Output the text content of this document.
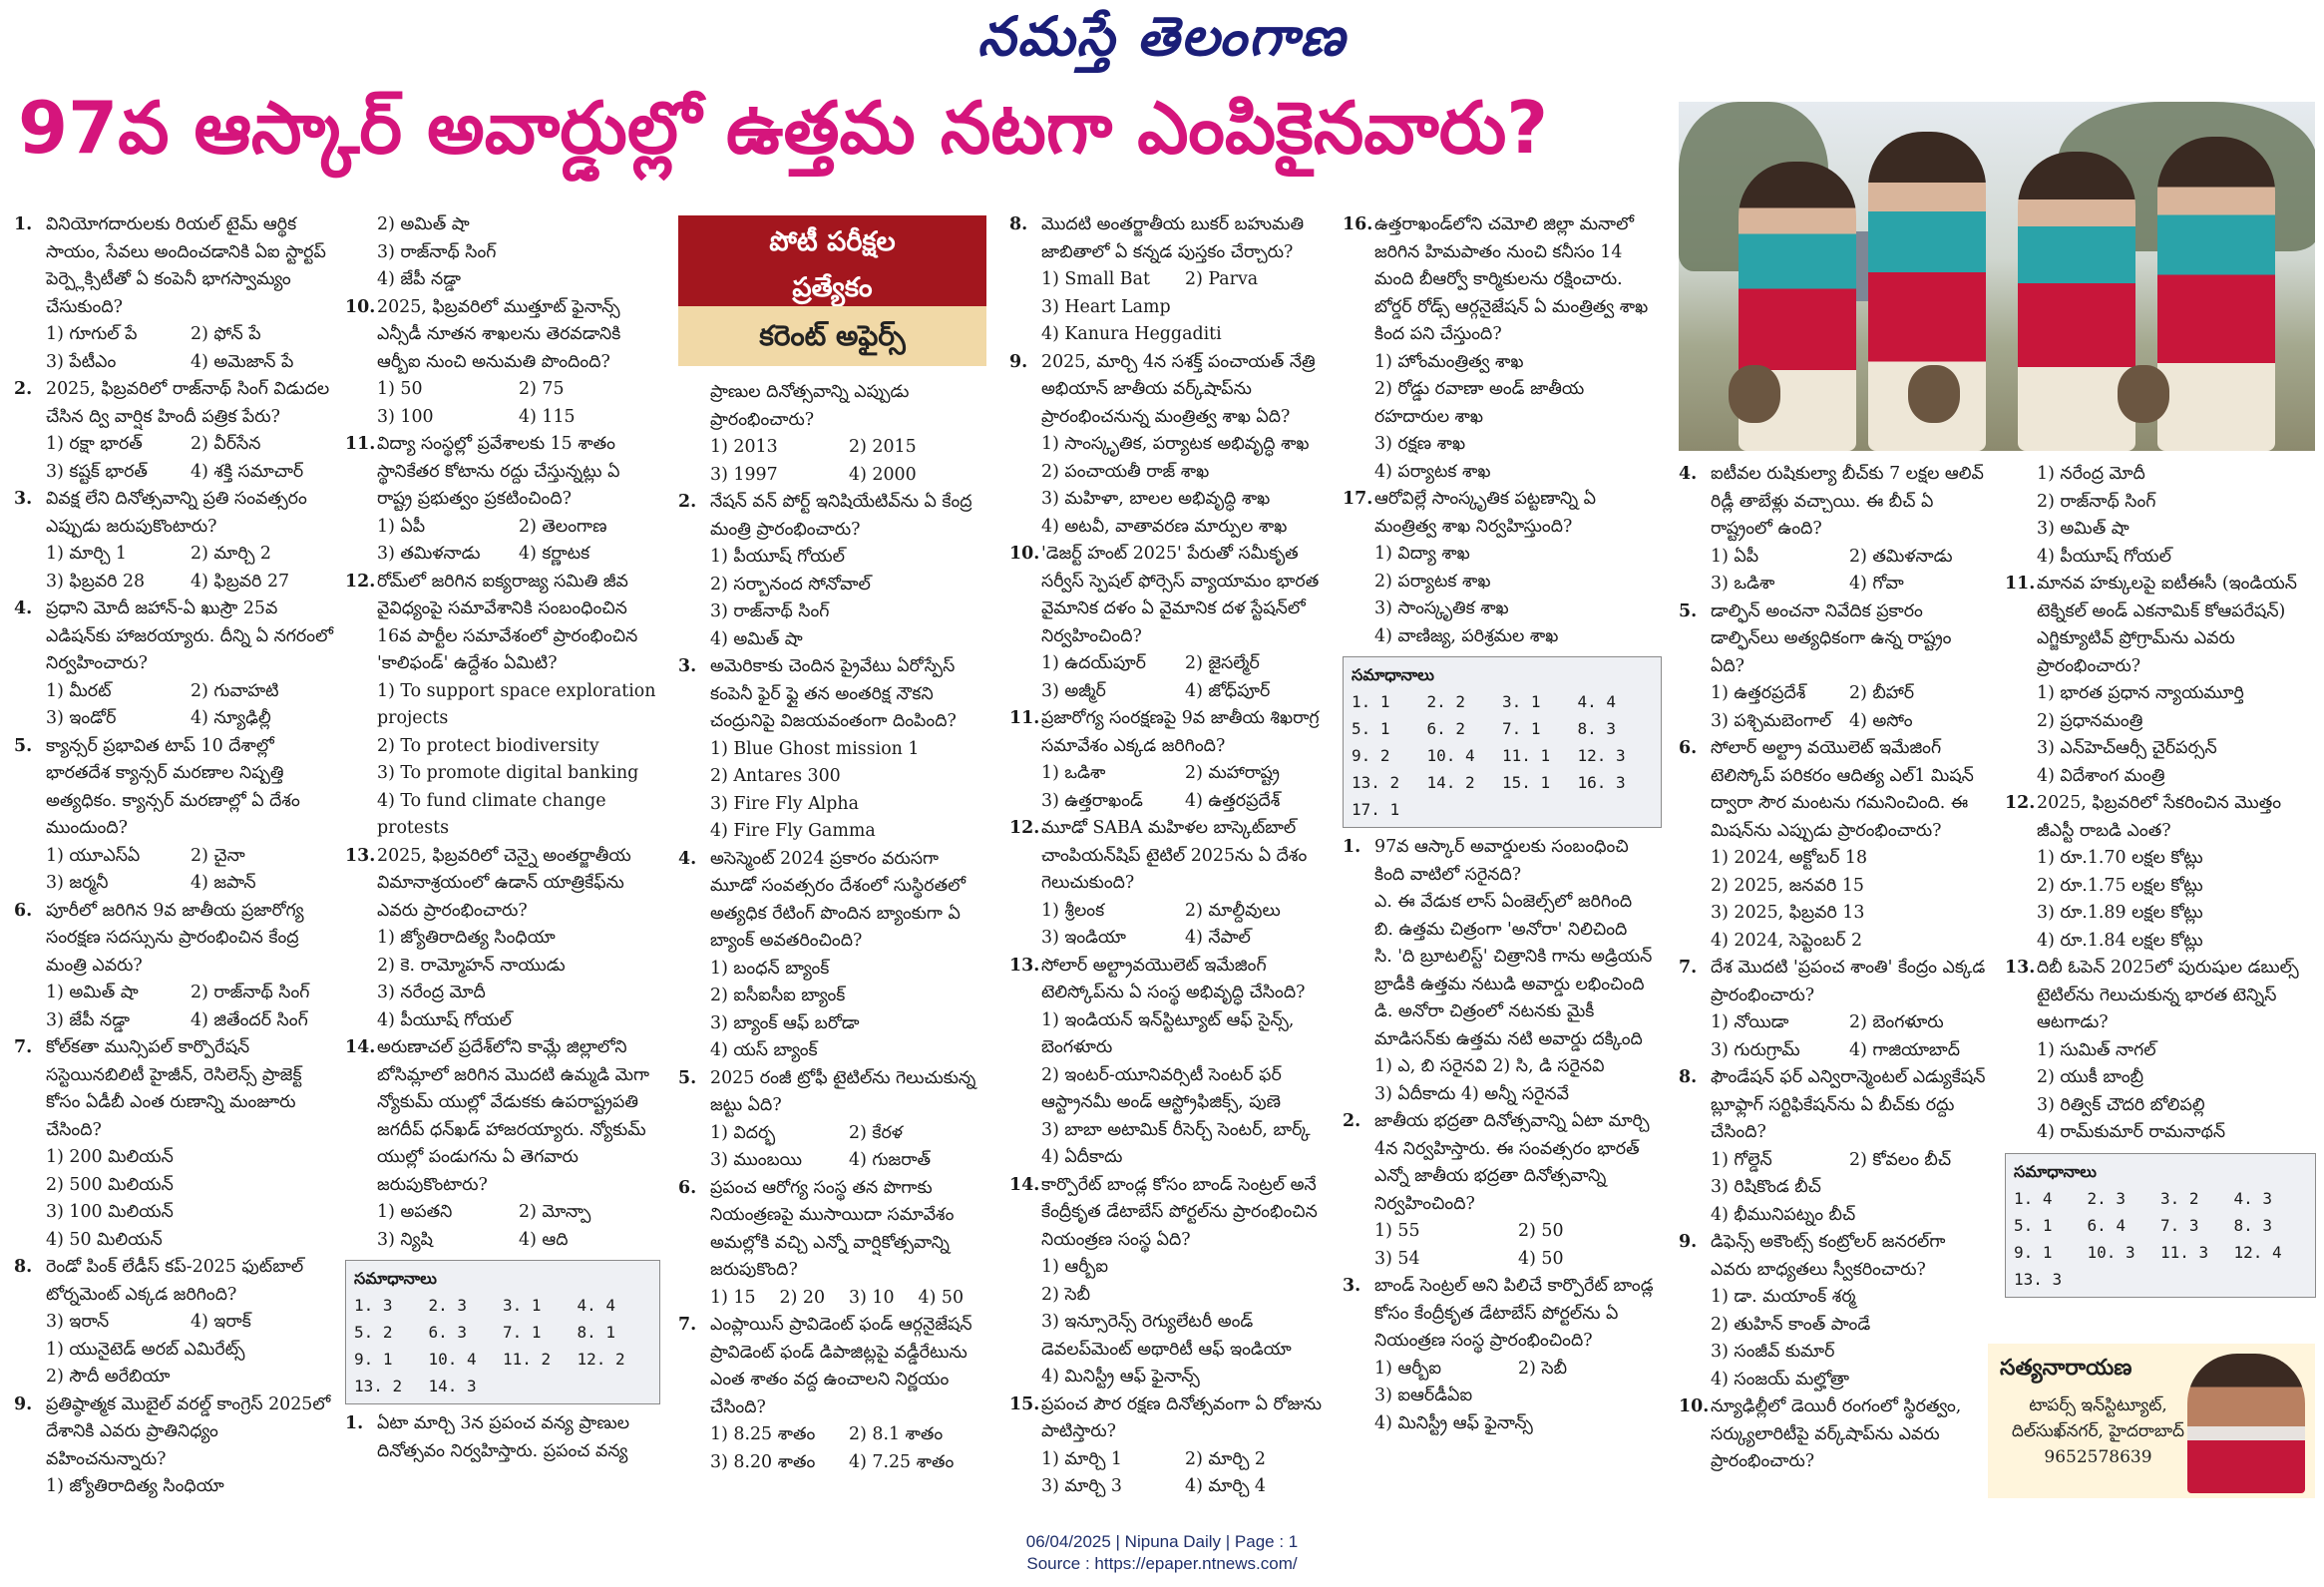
నమస్తే తెలంగాణ
97వ ఆస్కార్ అవార్డుల్లో ఉత్తమ నటగా ఎంపికైనవారు?
పోటీ పరీక్షల
ప్రత్యేకం
కరెంట్ అఫైర్స్
1. వినియోగదారులకు రియల్ టైమ్ ఆర్థిక సాయం, సేవలు అందించడానికి ఏఐ స్టార్టప్ పెర్ప్లెక్సిటీతో ఏ కంపెనీ భాగస్వామ్యం చేసుకుంది?
1) గూగుల్ పే	2) ఫోన్ పే
3) పేటీఎం	4) అమెజాన్ పే
2. 2025, ఫిబ్రవరిలో రాజ్‌నాథ్ సింగ్ విడుదల చేసిన ద్వి వార్షిక హిందీ పత్రిక పేరు?
1) రక్షా భారత్	2) వీర్‌సేన
3) కష్టక్ భారత్	4) శక్తి సమాచార్
3. వివక్ష లేని దినోత్సవాన్ని ప్రతి సంవత్సరం ఎప్పుడు జరుపుకొంటారు?
1) మార్చి 1	2) మార్చి 2
3) ఫిబ్రవరి 28	4) ఫిబ్రవరి 27
4. ప్రధాని మోదీ జహాన్-ఏ ఖుస్రౌ 25వ ఎడిషన్‌కు హాజరయ్యారు. దీన్ని ఏ నగరంలో నిర్వహించారు?
1) మీరట్	2) గువాహటి
3) ఇండోర్	4) న్యూఢిల్లీ
5. క్యాన్సర్ ప్రభావిత టాప్ 10 దేశాల్లో భారతదేశ క్యాన్సర్ మరణాల నిష్పత్తి అత్యధికం. క్యాన్సర్ మరణాల్లో ఏ దేశం ముందుంది?
1) యూఎస్ఏ	2) చైనా
3) జర్మనీ	4) జపాన్
6. పూరీలో జరిగిన 9వ జాతీయ ప్రజారోగ్య సంరక్షణ సదస్సును ప్రారంభించిన కేంద్ర మంత్రి ఎవరు?
1) అమిత్ షా	2) రాజ్‌నాథ్ సింగ్
3) జేపీ నడ్డా	4) జితేందర్ సింగ్
7. కోల్‌కతా మున్సిపల్ కార్పొరేషన్ సస్టెయినబిలిటీ హైజీన్, రెసిలెన్స్ ప్రాజెక్ట్ కోసం ఏడీబీ ఎంత రుణాన్ని మంజూరు చేసింది?
1) 200 మిలియన్
2) 500 మిలియన్
3) 100 మిలియన్
4) 50 మిలియన్
8. రెండో పింక్ లేడీస్ కప్-2025 ఫుట్‌బాల్ టోర్నమెంట్ ఎక్కడ జరిగింది?
3) ఇరాన్	4) ఇరాక్
1) యునైటెడ్ అరబ్ ఎమిరేట్స్
2) సౌదీ అరేబియా
9. ప్రతిష్ఠాత్మక మొబైల్ వరల్డ్ కాంగ్రెస్ 2025లో దేశానికి ఎవరు ప్రాతినిధ్యం వహించనున్నారు?
1) జ్యోతిరాదిత్య సింధియా
2) అమిత్ షా
3) రాజ్‌నాథ్ సింగ్
4) జేపీ నడ్డా
10. 2025, ఫిబ్రవరిలో ముత్తూట్ ఫైనాన్స్ ఎన్సీడీ నూతన శాఖలను తెరవడానికి ఆర్బీఐ నుంచి అనుమతి పొందింది?
1) 50	2) 75
3) 100	4) 115
11. విద్యా సంస్థల్లో ప్రవేశాలకు 15 శాతం స్థానికేతర కోటాను రద్దు చేస్తున్నట్లు ఏ రాష్ట్ర ప్రభుత్వం ప్రకటించింది?
1) ఏపీ	2) తెలంగాణ
3) తమిళనాడు	4) కర్ణాటక
12. రోమ్‌లో జరిగిన ఐక్యరాజ్య సమితి జీవ వైవిధ్యంపై సమావేశానికి సంబంధించిన 16వ పార్టీల సమావేశంలో ప్రారంభించిన 'కాలిఫండ్' ఉద్దేశం ఏమిటి?
1) To support space exploration projects
2) To protect biodiversity
3) To promote digital banking
4) To fund climate change protests
13. 2025, ఫిబ్రవరిలో చెన్నై అంతర్జాతీయ విమానాశ్రయంలో ఉడాన్ యాత్రికేఫ్‌ను ఎవరు ప్రారంభించారు?
1) జ్యోతిరాదిత్య సింధియా
2) కె. రామ్మోహన్ నాయుడు
3) నరేంద్ర మోదీ
4) పీయూష్ గోయల్
14. అరుణాచల్ ప్రదేశ్‌లోని కామ్లే జిల్లాలోని బోసిమ్లాలో జరిగిన మొదటి ఉమ్మడి మెగా న్యోకుమ్ యుల్లో వేడుకకు ఉపరాష్ట్రపతి జగదీప్ ధన్‌ఖడ్ హాజరయ్యారు. న్యోకుమ్ యుల్లో పండుగను ఏ తెగవారు జరుపుకొంటారు?
1) అపతని	2) మోన్పా
3) న్యిషి	4) ఆది
సమాధానాలు
1. 3	2. 3	3. 1	4. 4
5. 2	6. 3	7. 1	8. 1
9. 1	10. 4	11. 2	12. 2
13. 2	14. 3
1. ఏటా మార్చి 3న ప్రపంచ వన్య ప్రాణుల దినోత్సవం నిర్వహిస్తారు. ప్రపంచ వన్య
ప్రాణుల దినోత్సవాన్ని ఎప్పుడు ప్రారంభించారు?
1) 2013	2) 2015
3) 1997	4) 2000
2. నేషన్ వన్ పోర్ట్ ఇనిషియేటివ్‌ను ఏ కేంద్ర మంత్రి ప్రారంభించారు?
1) పీయూష్ గోయల్
2) సర్బానంద సోనోవాల్
3) రాజ్‌నాథ్ సింగ్
4) అమిత్ షా
3. అమెరికాకు చెందిన ప్రైవేటు ఏరోస్పేస్ కంపెనీ ఫైర్ ఫ్లై తన అంతరిక్ష నౌకని చంద్రునిపై విజయవంతంగా దింపింది?
1) Blue Ghost mission 1
2) Antares 300
3) Fire Fly Alpha
4) Fire Fly Gamma
4. అసెస్మెంట్ 2024 ప్రకారం వరుసగా మూడో సంవత్సరం దేశంలో సుస్థిరతలో అత్యధిక రేటింగ్ పొందిన బ్యాంకుగా ఏ బ్యాంక్ అవతరించింది?
1) బంధన్ బ్యాంక్
2) ఐసీఐసీఐ బ్యాంక్
3) బ్యాంక్ ఆఫ్ బరోడా
4) యస్ బ్యాంక్
5. 2025 రంజీ ట్రోఫీ టైటిల్‌ను గెలుచుకున్న జట్టు ఏది?
1) విదర్భ	2) కేరళ
3) ముంబయి	4) గుజరాత్
6. ప్రపంచ ఆరోగ్య సంస్థ తన పొగాకు నియంత్రణపై ముసాయిదా సమావేశం అమల్లోకి వచ్చి ఎన్నో వార్షికోత్సవాన్ని జరుపుకొంది?
1) 15	2) 20	3) 10	4) 50
7. ఎంప్లాయిస్ ప్రావిడెంట్ ఫండ్ ఆర్గనైజేషన్ ప్రావిడెంట్ ఫండ్ డిపాజిట్లపై వడ్డీరేటును ఎంత శాతం వద్ద ఉంచాలని నిర్ణయం చేసింది?
1) 8.25 శాతం	2) 8.1 శాతం
3) 8.20 శాతం	4) 7.25 శాతం
8. మొదటి అంతర్జాతీయ బుకర్ బహుమతి జాబితాలో ఏ కన్నడ పుస్తకం చేర్చారు?
1) Small Bat	2) Parva
3) Heart Lamp
4) Kanura Heggaditi
9. 2025, మార్చి 4న సశక్త్ పంచాయత్ నేత్రి అభియాన్ జాతీయ వర్క్‌షాప్‌ను ప్రారంభించనున్న మంత్రిత్వ శాఖ ఏది?
1) సాంస్కృతిక, పర్యాటక అభివృద్ధి శాఖ
2) పంచాయతీ రాజ్ శాఖ
3) మహిళా, బాలల అభివృద్ధి శాఖ
4) అటవీ, వాతావరణ మార్పుల శాఖ
10. 'డెజర్ట్ హంట్ 2025' పేరుతో సమీకృత సర్వీస్ స్పెషల్ ఫోర్సెస్ వ్యాయామం భారత వైమానిక దళం ఏ వైమానిక దళ స్టేషన్‌లో నిర్వహించింది?
1) ఉదయ్‌పూర్	2) జైసల్మేర్
3) అజ్మీర్	4) జోధ్‌పూర్
11. ప్రజారోగ్య సంరక్షణపై 9వ జాతీయ శిఖరాగ్ర సమావేశం ఎక్కడ జరిగింది?
1) ఒడిశా	2) మహారాష్ట్ర
3) ఉత్తరాఖండ్	4) ఉత్తరప్రదేశ్
12. మూడో SABA మహిళల బాస్కెట్‌బాల్ చాంపియన్‌షిప్ టైటిల్ 2025ను ఏ దేశం గెలుచుకుంది?
1) శ్రీలంక	2) మాల్దీవులు
3) ఇండియా	4) నేపాల్
13. సోలార్ అల్ట్రావయొలెట్ ఇమేజింగ్ టెలిస్కోప్‌ను ఏ సంస్థ అభివృద్ధి చేసింది?
1) ఇండియన్ ఇన్‌స్టిట్యూట్ ఆఫ్ సైన్స్, బెంగళూరు
2) ఇంటర్-యూనివర్సిటీ సెంటర్ ఫర్ ఆస్ట్రానమీ అండ్ ఆస్ట్రోఫిజిక్స్, పుణె
3) బాబా అటామిక్ రీసెర్చ్ సెంటర్, బార్క్
4) ఏదీకాదు
14. కార్పొరేట్ బాండ్ల కోసం బాండ్ సెంట్రల్ అనే కేంద్రీకృత డేటాబేస్ పోర్టల్‌ను ప్రారంభించిన నియంత్రణ సంస్థ ఏది?
1) ఆర్బీఐ
2) సెబీ
3) ఇన్సూరెన్స్ రెగ్యులేటరీ అండ్ డెవలప్‌మెంట్ అథారిటీ ఆఫ్ ఇండియా
4) మినిస్ట్రీ ఆఫ్ ఫైనాన్స్
15. ప్రపంచ పౌర రక్షణ దినోత్సవంగా ఏ రోజును పాటిస్తారు?
1) మార్చి 1	2) మార్చి 2
3) మార్చి 3	4) మార్చి 4
16. ఉత్తరాఖండ్‌లోని చమోలి జిల్లా మనాలో జరిగిన హిమపాతం నుంచి కనీసం 14 మంది బీఆర్వో కార్మికులను రక్షించారు. బోర్డర్ రోడ్స్ ఆర్గనైజేషన్ ఏ మంత్రిత్వ శాఖ కింద పని చేస్తుంది?
1) హోంమంత్రిత్వ శాఖ
2) రోడ్డు రవాణా అండ్ జాతీయ రహదారుల శాఖ
3) రక్షణ శాఖ
4) పర్యాటక శాఖ
17. ఆరోవిల్లే సాంస్కృతిక పట్టణాన్ని ఏ మంత్రిత్వ శాఖ నిర్వహిస్తుంది?
1) విద్యా శాఖ
2) పర్యాటక శాఖ
3) సాంస్కృతిక శాఖ
4) వాణిజ్య, పరిశ్రమల శాఖ
సమాధానాలు
1. 1	2. 2	3. 1	4. 4
5. 1	6. 2	7. 1	8. 3
9. 2	10. 4	11. 1	12. 3
13. 2	14. 2	15. 1	16. 3
17. 1
1. 97వ ఆస్కార్ అవార్డులకు సంబంధించి కింది వాటిలో సరైనది?
ఎ. ఈ వేడుక లాస్ ఏంజెల్స్‌లో జరిగింది
బి. ఉత్తమ చిత్రంగా 'అనోరా' నిలిచింది
సి. 'ది బ్రూటలిస్ట్' చిత్రానికి గాను అడ్రియన్ బ్రాడీకి ఉత్తమ నటుడి అవార్డు లభించింది
డి. అనోరా చిత్రంలో నటనకు మైకీ మాడిసన్‌కు ఉత్తమ నటి అవార్డు దక్కింది
1) ఎ, బి సరైనవి 2) సి, డి సరైనవి
3) ఏదీకాదు 4) అన్నీ సరైనవే
2. జాతీయ భద్రతా దినోత్సవాన్ని ఏటా మార్చి 4న నిర్వహిస్తారు. ఈ సంవత్సరం భారత్ ఎన్నో జాతీయ భద్రతా దినోత్సవాన్ని నిర్వహించింది?
1) 55	2) 50
3) 54	4) 50
3. బాండ్ సెంట్రల్ అని పిలిచే కార్పొరేట్ బాండ్ల కోసం కేంద్రీకృత డేటాబేస్ పోర్టల్‌ను ఏ నియంత్రణ సంస్థ ప్రారంభించింది?
1) ఆర్బీఐ	2) సెబీ
3) ఐఆర్‌డీఏఐ
4) మినిస్ట్రీ ఆఫ్ ఫైనాన్స్
4. ఐటీవల రుషికుల్యా బీచ్‌కు 7 లక్షల ఆలివ్ రిడ్లీ తాబేళ్లు వచ్చాయి. ఈ బీచ్ ఏ రాష్ట్రంలో ఉంది?
1) ఏపీ	2) తమిళనాడు
3) ఒడిశా	4) గోవా
5. డాల్ఫిన్ అంచనా నివేదిక ప్రకారం డాల్ఫిన్‌లు అత్యధికంగా ఉన్న రాష్ట్రం ఏది?
1) ఉత్తరప్రదేశ్	2) బీహార్
3) పశ్చిమబెంగాల్	4) అసోం
6. సోలార్ అల్ట్రా వయొలెట్ ఇమేజింగ్ టెలిస్కోప్ పరికరం ఆదిత్య ఎల్1 మిషన్ ద్వారా సౌర మంటను గమనించింది. ఈ మిషన్‌ను ఎప్పుడు ప్రారంభించారు?
1) 2024, అక్టోబర్ 18
2) 2025, జనవరి 15
3) 2025, ఫిబ్రవరి 13
4) 2024, సెప్టెంబర్ 2
7. దేశ మొదటి 'ప్రపంచ శాంతి' కేంద్రం ఎక్కడ ప్రారంభించారు?
1) నోయిడా	2) బెంగళూరు
3) గురుగ్రామ్	4) గాజియాబాద్
8. ఫౌండేషన్ ఫర్ ఎన్విరాన్మెంటల్ ఎడ్యుకేషన్ బ్లూఫ్లాగ్ సర్టిఫికేషన్‌ను ఏ బీచ్‌కు రద్దు చేసింది?
1) గోల్డెన్	2) కోవలం బీచ్
3) రిషికొండ బీచ్
4) భీమునిపట్నం బీచ్
9. డిఫెన్స్ అకౌంట్స్ కంట్రోలర్ జనరల్‌గా ఎవరు బాధ్యతలు స్వీకరించారు?
1) డా. మయాంక్ శర్మ
2) తుహిన్ కాంత్ పాండే
3) సంజీవ్ కుమార్
4) సంజయ్ మల్హోత్రా
10. న్యూఢిల్లీలో డెయిరీ రంగంలో స్థిరత్వం, సర్క్యులారిటీపై వర్క్‌షాప్‌ను ఎవరు ప్రారంభించారు?
1) నరేంద్ర మోదీ
2) రాజ్‌నాథ్ సింగ్
3) అమిత్ షా
4) పీయూష్ గోయల్
11. మానవ హక్కులపై ఐటీఈసీ (ఇండియన్ టెక్నికల్ అండ్ ఎకనామిక్ కోఆపరేషన్) ఎగ్జిక్యూటివ్ ప్రోగ్రామ్‌ను ఎవరు ప్రారంభించారు?
1) భారత ప్రధాన న్యాయమూర్తి
2) ప్రధానమంత్రి
3) ఎన్‌హెచ్‌ఆర్సీ చైర్‌పర్సన్
4) విదేశాంగ మంత్రి
12. 2025, ఫిబ్రవరిలో సేకరించిన మొత్తం జీఎస్టీ రాబడి ఎంత?
1) రూ.1.70 లక్షల కోట్లు
2) రూ.1.75 లక్షల కోట్లు
3) రూ.1.89 లక్షల కోట్లు
4) రూ.1.84 లక్షల కోట్లు
13. దిబీ ఓపెన్ 2025లో పురుషుల డబుల్స్ టైటిల్‌ను గెలుచుకున్న భారత టెన్నిస్ ఆటగాడు?
1) సుమిత్ నాగల్
2) యుకీ బాంబ్రీ
3) రిత్విక్ చౌదరి బోలిపల్లి
4) రామ్‌కుమార్ రామనాథన్
సమాధానాలు
1. 4	2. 3	3. 2	4. 3
5. 1	6. 4	7. 3	8. 3
9. 1	10. 3	11. 3	12. 4
13. 3
సత్యనారాయణ
టాపర్స్ ఇన్‌స్టిట్యూట్,
దిల్‌సుఖ్‌నగర్, హైదరాబాద్
9652578639
06/04/2025 | Nipuna Daily | Page : 1
Source : https://epaper.ntnews.com/
